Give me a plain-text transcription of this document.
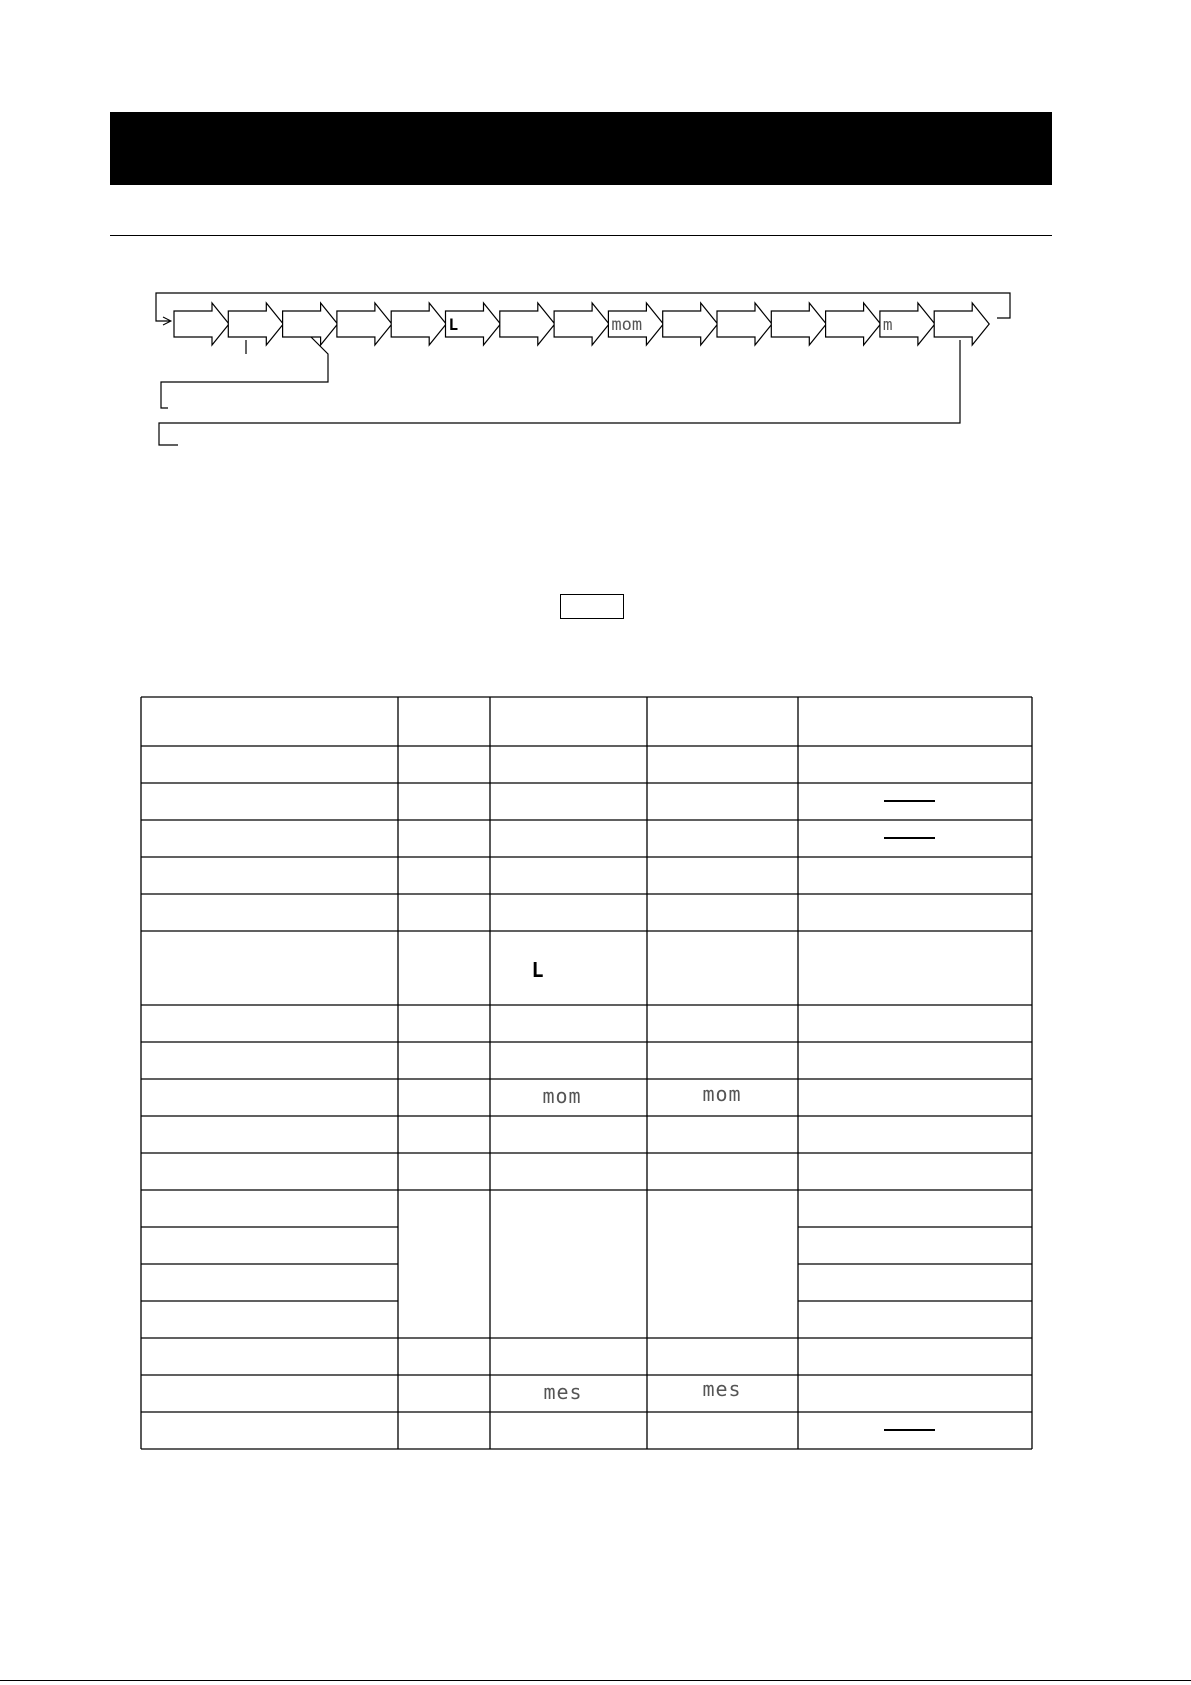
L	mom	m
L
mom	mom
mes	mes
